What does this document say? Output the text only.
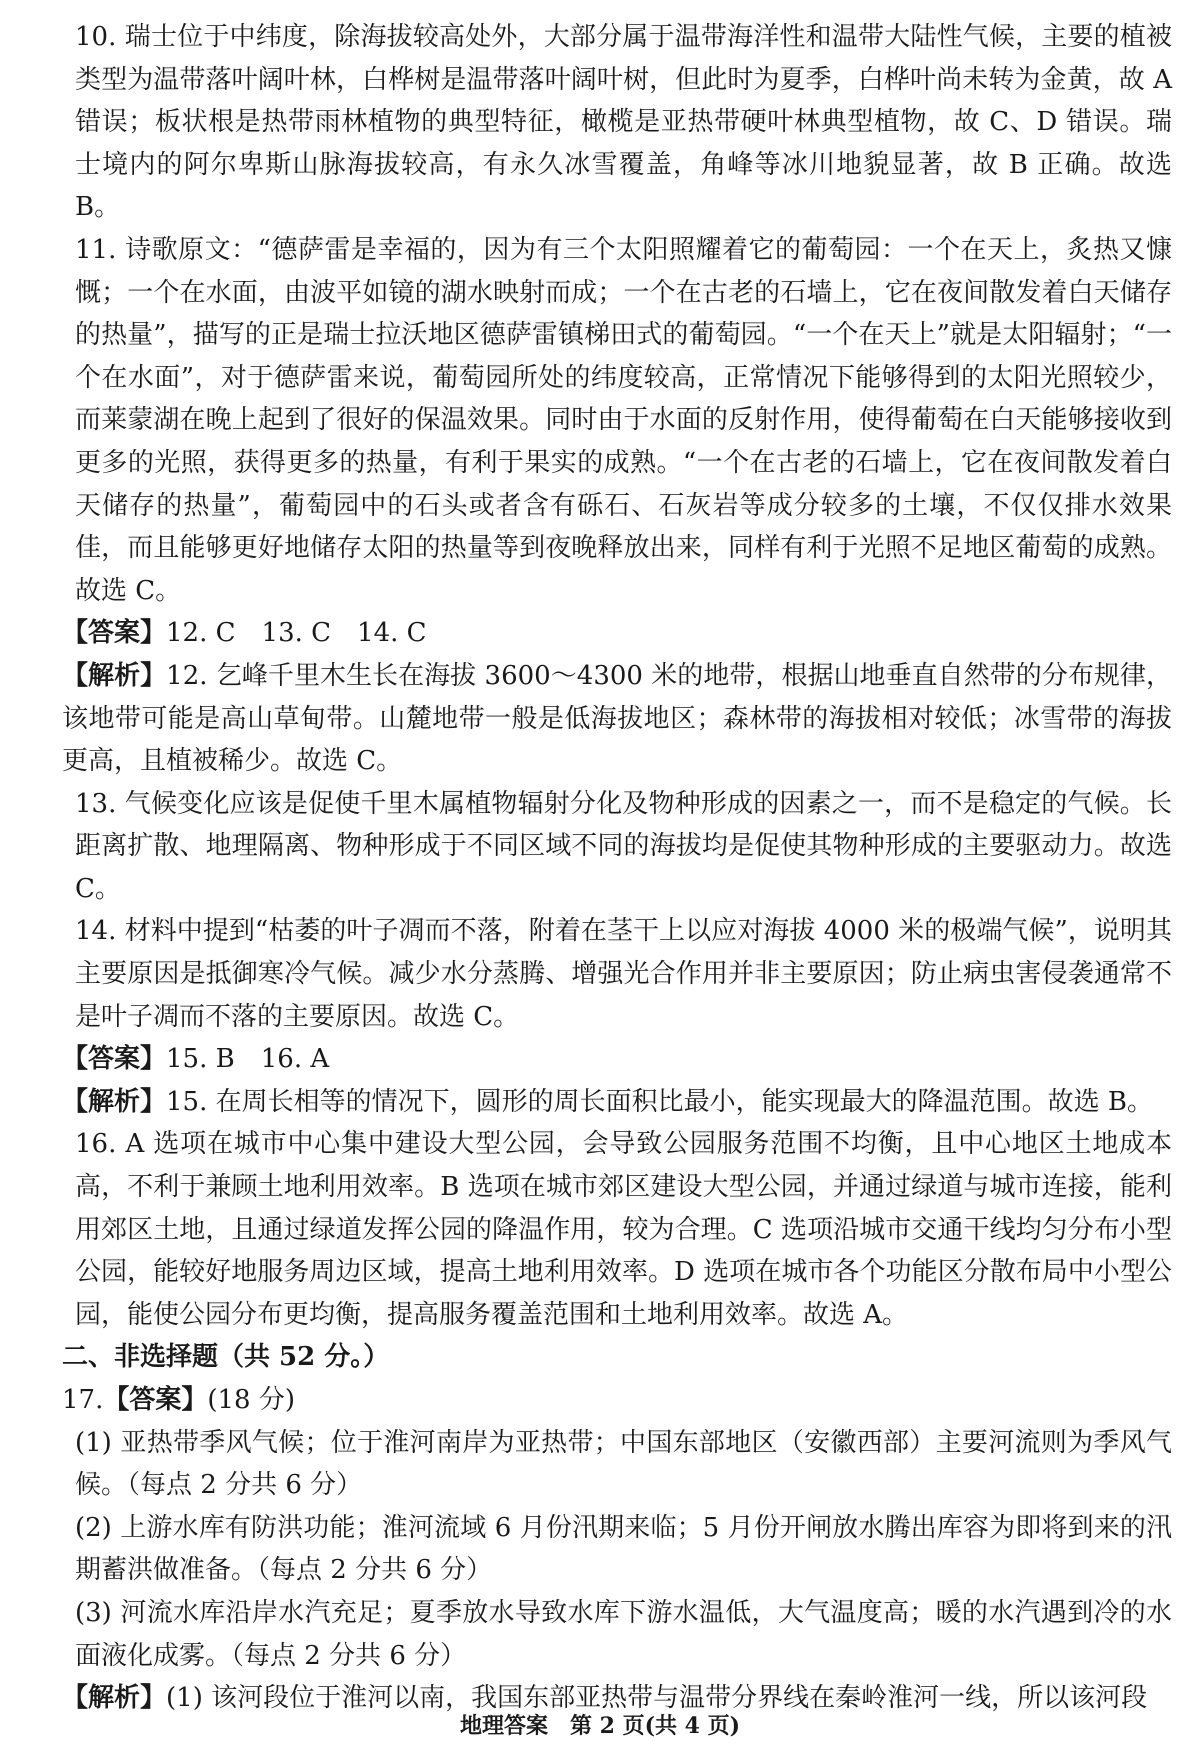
10. 瑞士位于中纬度，除海拔较高处外，大部分属于温带海洋性和温带大陆性气候，主要的植被类型为温带落叶阔叶林，白桦树是温带落叶阔叶树，但此时为夏季，白桦叶尚未转为金黄，故 A 错误；板状根是热带雨林植物的典型特征，橄榄是亚热带硬叶林典型植物，故 C、D 错误。瑞士境内的阿尔卑斯山脉海拔较高，有永久冰雪覆盖，角峰等冰川地貌显著，故 B 正确。故选 B。

11. 诗歌原文：“德萨雷是幸福的，因为有三个太阳照耀着它的葡萄园：一个在天上，炙热又慷慨；一个在水面，由波平如镜的湖水映射而成；一个在古老的石墙上，它在夜间散发着白天储存的热量”，描写的正是瑞士拉沃地区德萨雷镇梯田式的葡萄园。“一个在天上”就是太阳辐射；“一个在水面”，对于德萨雷来说，葡萄园所处的纬度较高，正常情况下能够得到的太阳光照较少，而莱蒙湖在晚上起到了很好的保温效果。同时由于水面的反射作用，使得葡萄在白天能够接收到更多的光照，获得更多的热量，有利于果实的成熟。“一个在古老的石墙上，它在夜间散发着白天储存的热量”，葡萄园中的石头或者含有砾石、石灰岩等成分较多的土壤，不仅仅排水效果佳，而且能够更好地储存太阳的热量等到夜晚释放出来，同样有利于光照不足地区葡萄的成熟。故选 C。

【答案】12. C　13. C　14. C

【解析】12. 乞峰千里木生长在海拔 3600～4300 米的地带，根据山地垂直自然带的分布规律，该地带可能是高山草甸带。山麓地带一般是低海拔地区；森林带的海拔相对较低；冰雪带的海拔更高，且植被稀少。故选 C。

13. 气候变化应该是促使千里木属植物辐射分化及物种形成的因素之一，而不是稳定的气候。长距离扩散、地理隔离、物种形成于不同区域不同的海拔均是促使其物种形成的主要驱动力。故选 C。

14. 材料中提到“枯萎的叶子凋而不落，附着在茎干上以应对海拔 4000 米的极端气候”，说明其主要原因是抵御寒冷气候。减少水分蒸腾、增强光合作用并非主要原因；防止病虫害侵袭通常不是叶子凋而不落的主要原因。故选 C。

【答案】15. B　16. A

【解析】15. 在周长相等的情况下，圆形的周长面积比最小，能实现最大的降温范围。故选 B。

16. A 选项在城市中心集中建设大型公园，会导致公园服务范围不均衡，且中心地区土地成本高，不利于兼顾土地利用效率。B 选项在城市郊区建设大型公园，并通过绿道与城市连接，能利用郊区土地，且通过绿道发挥公园的降温作用，较为合理。C 选项沿城市交通干线均匀分布小型公园，能较好地服务周边区域，提高土地利用效率。D 选项在城市各个功能区分散布局中小型公园，能使公园分布更均衡，提高服务覆盖范围和土地利用效率。故选 A。

二、非选择题（共 52 分。）

17.【答案】(18 分)

(1) 亚热带季风气候；位于淮河南岸为亚热带；中国东部地区（安徽西部）主要河流则为季风气候。（每点 2 分共 6 分）

(2) 上游水库有防洪功能；淮河流域 6 月份汛期来临；5 月份开闸放水腾出库容为即将到来的汛期蓄洪做准备。（每点 2 分共 6 分）

(3) 河流水库沿岸水汽充足；夏季放水导致水库下游水温低，大气温度高；暖的水汽遇到冷的水面液化成雾。（每点 2 分共 6 分）

【解析】(1) 该河段位于淮河以南，我国东部亚热带与温带分界线在秦岭淮河一线，所以该河段

地理答案　第 2 页(共 4 页)
